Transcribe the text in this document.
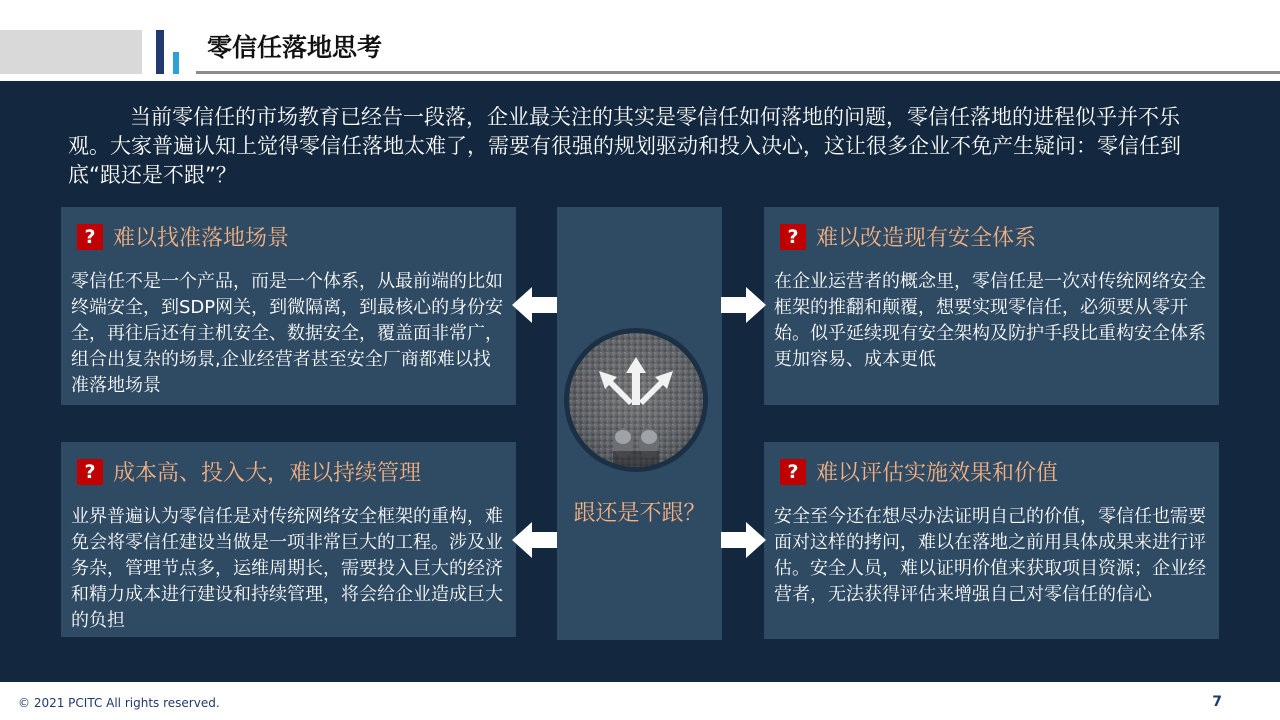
零信任落地思考
当前零信任的市场教育已经告一段落，企业最关注的其实是零信任如何落地的问题，零信任落地的进程似乎并不乐观。大家普遍认知上觉得零信任落地太难了，需要有很强的规划驱动和投入决心，这让很多企业不免产生疑问：零信任到底“跟还是不跟”？
? 难以找准落地场景
零信任不是一个产品，而是一个体系，从最前端的比如终端安全，到SDP网关，到微隔离，到最核心的身份安全，再往后还有主机安全、数据安全，覆盖面非常广，组合出复杂的场景,企业经营者甚至安全厂商都难以找准落地场景
? 难以改造现有安全体系
在企业运营者的概念里，零信任是一次对传统网络安全框架的推翻和颠覆，想要实现零信任，必须要从零开始。似乎延续现有安全架构及防护手段比重构安全体系更加容易、成本更低
? 成本高、投入大，难以持续管理
业界普遍认为零信任是对传统网络安全框架的重构，难免会将零信任建设当做是一项非常巨大的工程。涉及业务杂，管理节点多，运维周期长，需要投入巨大的经济和精力成本进行建设和持续管理，将会给企业造成巨大的负担
? 难以评估实施效果和价值
安全至今还在想尽办法证明自己的价值，零信任也需要面对这样的拷问，难以在落地之前用具体成果来进行评估。安全人员，难以证明价值来获取项目资源；企业经营者，无法获得评估来增强自己对零信任的信心
跟还是不跟？
© 2021 PCITC All rights reserved.	7
